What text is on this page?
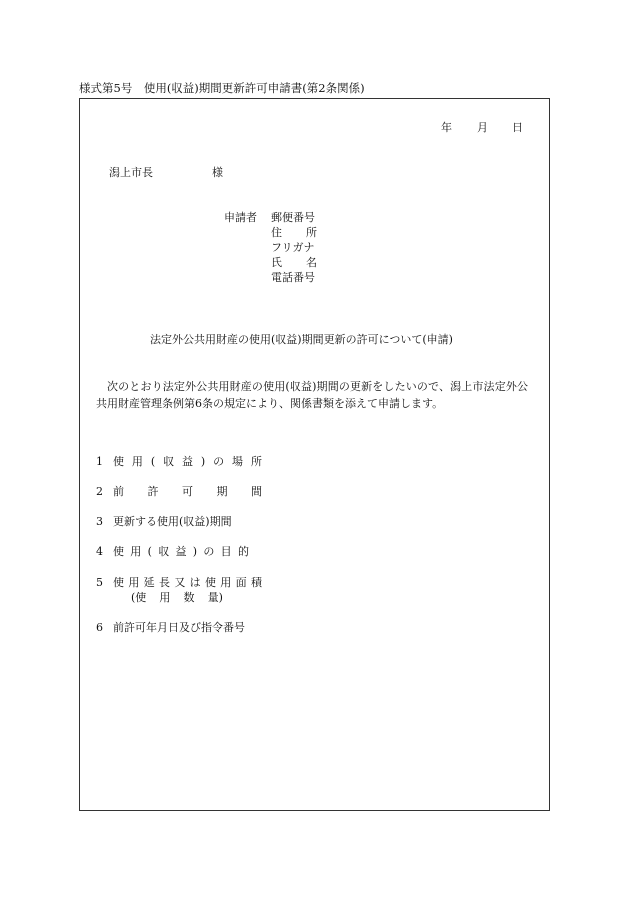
様式第5号　使用(収益)期間更新許可申請書(第2条関係)
年 月 日
潟上市長	様
申請者 郵便番号
住 所
フリガナ
氏 名
電話番号
法定外公共用財産の使用(収益)期間更新の許可について(申請)
次のとおり法定外公共用財産の使用(収益)期間の更新をしたいので、潟上市法定外公共用財産管理条例第6条の規定により、関係書類を添えて申請します。
1 使 用 ( 収 益 ) の 場 所
2 前 許 可 期 間
3 更新する使用(収益)期間
4 使 用 ( 収 益 ) の 目 的
5 使 用 延 長 又 は 使 用 面 積
(使 用 数 量)
6 前許可年月日及び指令番号
